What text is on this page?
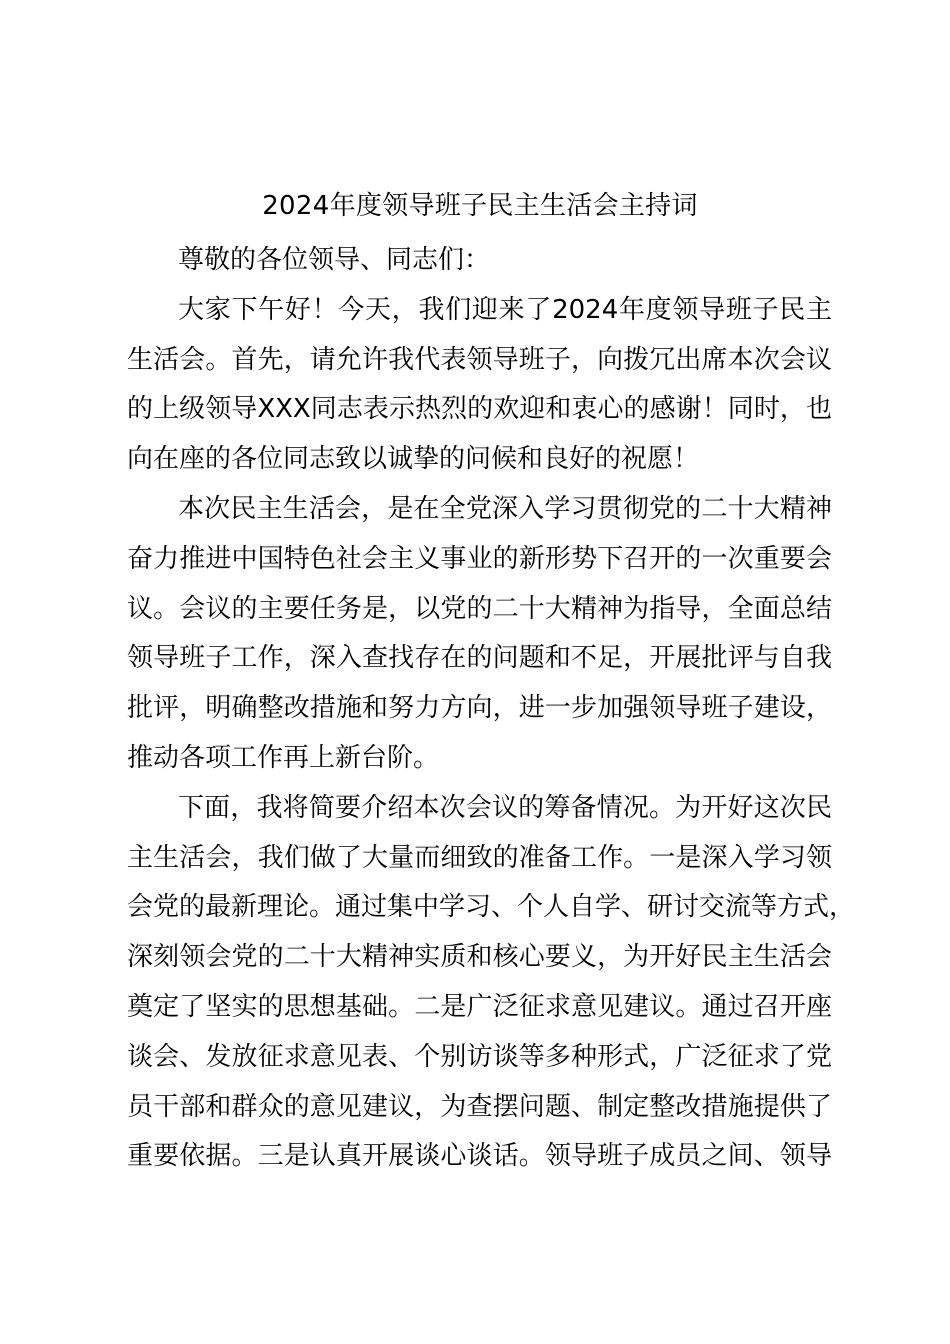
2024年度领导班子民主生活会主持词
尊敬的各位领导、同志们：
大家下午好！今天，我们迎来了2024年度领导班子民主
生活会。首先，请允许我代表领导班子，向拨冗出席本次会议
的上级领导XXX同志表示热烈的欢迎和衷心的感谢！同时，也
向在座的各位同志致以诚挚的问候和良好的祝愿！
本次民主生活会，是在全党深入学习贯彻党的二十大精神
奋力推进中国特色社会主义事业的新形势下召开的一次重要会
议。会议的主要任务是，以党的二十大精神为指导，全面总结
领导班子工作，深入查找存在的问题和不足，开展批评与自我
批评，明确整改措施和努力方向，进一步加强领导班子建设，
推动各项工作再上新台阶。
下面，我将简要介绍本次会议的筹备情况。为开好这次民
主生活会，我们做了大量而细致的准备工作。一是深入学习领
会党的最新理论。通过集中学习、个人自学、研讨交流等方式，
深刻领会党的二十大精神实质和核心要义，为开好民主生活会
奠定了坚实的思想基础。二是广泛征求意见建议。通过召开座
谈会、发放征求意见表、个别访谈等多种形式，广泛征求了党
员干部和群众的意见建议，为查摆问题、制定整改措施提供了
重要依据。三是认真开展谈心谈话。领导班子成员之间、领导
